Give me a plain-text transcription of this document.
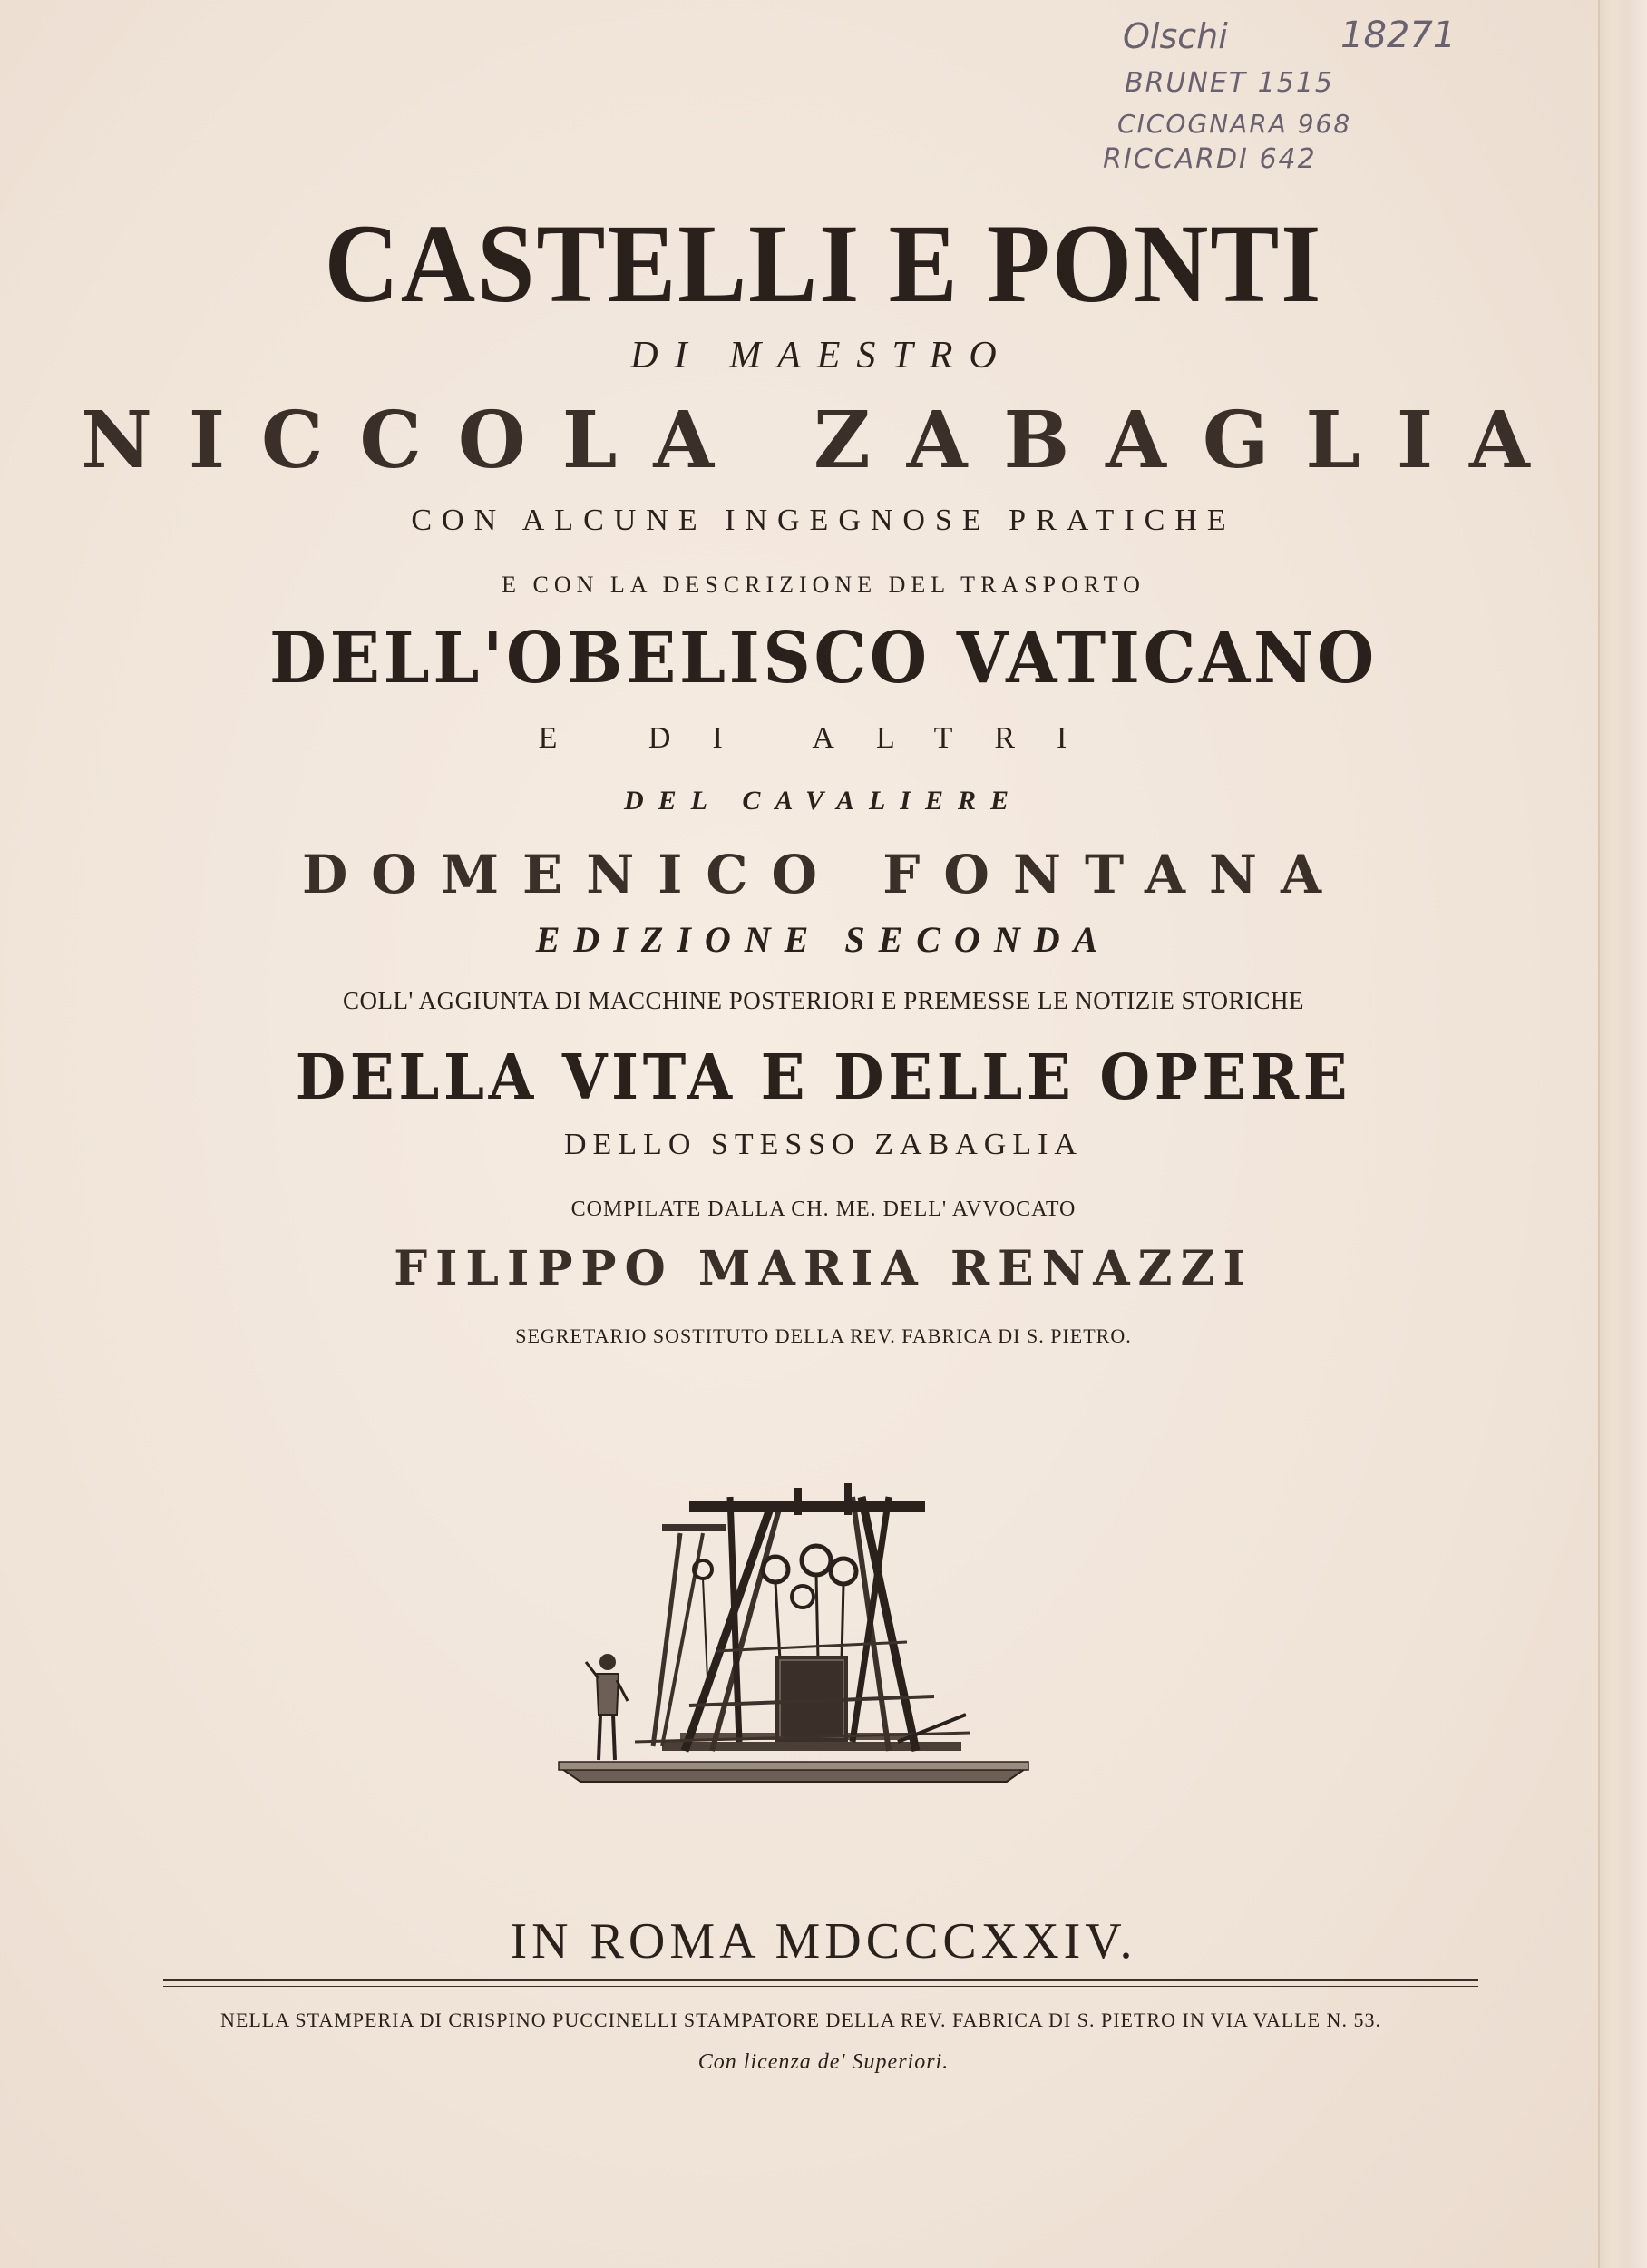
Olschi	18271
BRUNET 1515
CICOGNARA 968
RICCARDI 642
CASTELLI E PONTI
DI MAESTRO
NICCOLA ZABAGLIA
CON ALCUNE INGEGNOSE PRATICHE
E CON LA DESCRIZIONE DEL TRASPORTO
DELL'OBELISCO VATICANO
E DI ALTRI
DEL CAVALIERE
DOMENICO FONTANA
EDIZIONE SECONDA
COLL' AGGIUNTA DI MACCHINE POSTERIORI E PREMESSE LE NOTIZIE STORICHE
DELLA VITA E DELLE OPERE
DELLO STESSO ZABAGLIA
COMPILATE DALLA CH. ME. DELL' AVVOCATO
FILIPPO MARIA RENAZZI
SEGRETARIO SOSTITUTO DELLA REV. FABRICA DI S. PIETRO.
IN ROMA MDCCCXXIV.
NELLA STAMPERIA DI CRISPINO PUCCINELLI STAMPATORE DELLA REV. FABRICA DI S. PIETRO IN VIA VALLE N. 53.
Con licenza de' Superiori.
